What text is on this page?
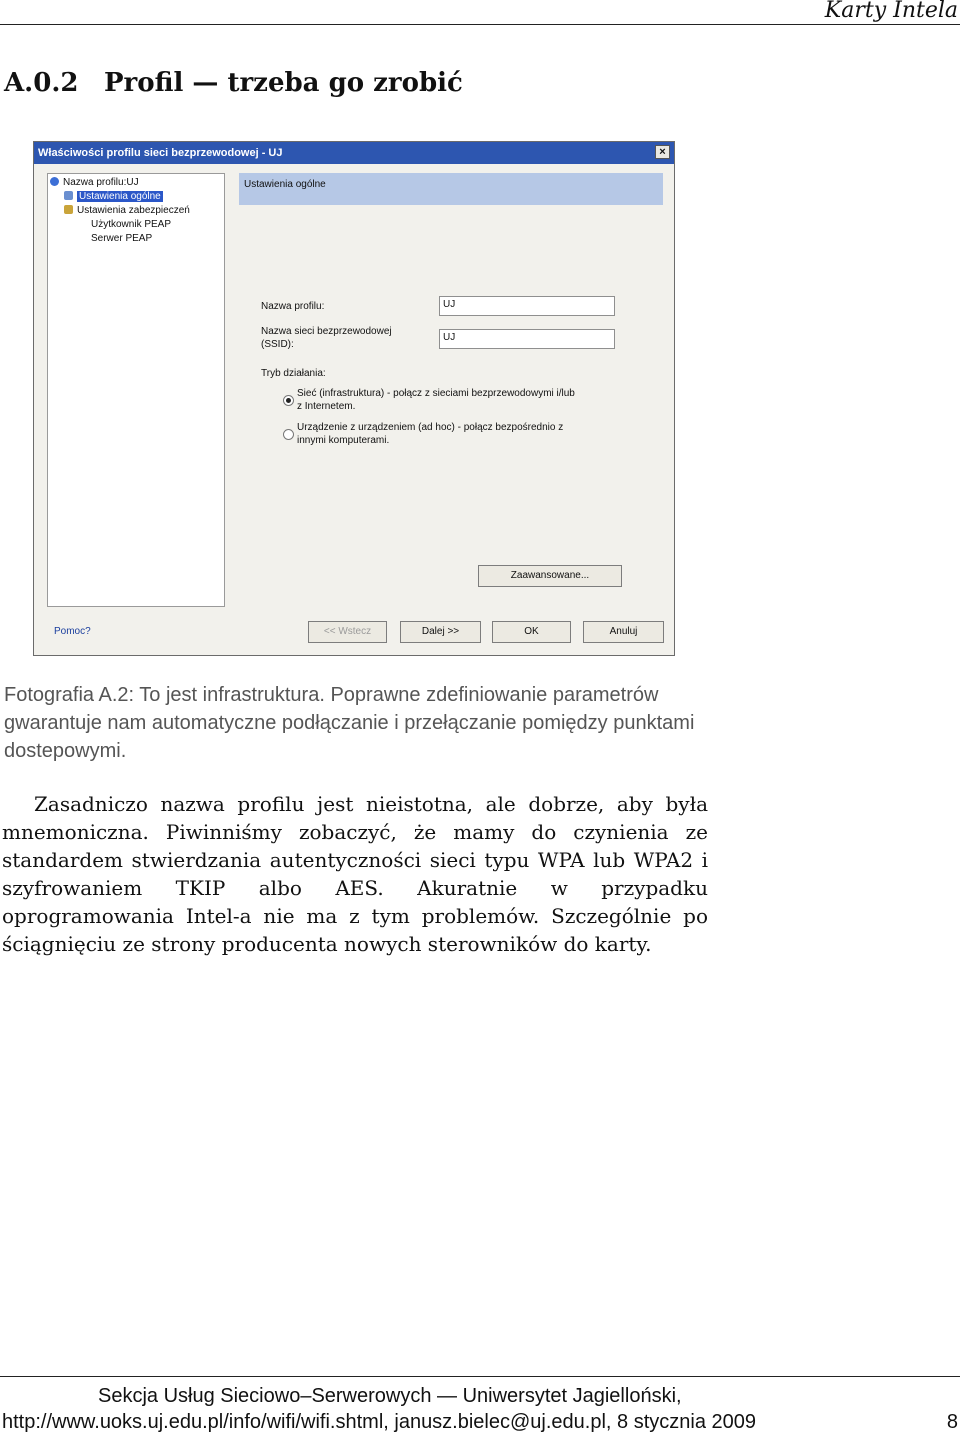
Karty Intela
A.0.2 Profil — trzeba go zrobić
Właściwości profilu sieci bezprzewodowej - UJ	×
Nazwa profilu:UJ
Ustawienia ogólne
Ustawienia zabezpieczeń
Użytkownik PEAP
Serwer PEAP
Ustawienia ogólne
Nazwa profilu:	UJ
Nazwa sieci bezprzewodowej
(SSID):
UJ
Tryb działania:
Sieć (infrastruktura) - połącz z sieciami bezprzewodowymi i/lub
z Internetem.
Urządzenie z urządzeniem (ad hoc) - połącz bezpośrednio z
innymi komputerami.
Zaawansowane...
Pomoc?	<< Wstecz	Dalej >>	OK	Anuluj
Fotografia A.2: To jest infrastruktura. Poprawne zdefiniowanie parametrów gwarantuje nam automatyczne podłączanie i przełączanie pomiędzy punktami dostepowymi.
Zasadniczo nazwa profilu jest nieistotna, ale dobrze, aby była mnemoniczna. Piwinniśmy zobaczyć, że mamy do czynienia ze standardem stwierdzania autentyczności sieci typu WPA lub WPA2 i szyfrowaniem TKIP albo AES. Akuratnie w przypadku oprogramowania Intel-a nie ma z tym problemów. Szczególnie po ściągnięciu ze strony producenta nowych sterowników do karty.
Sekcja Usług Sieciowo–Serwerowych — Uniwersytet Jagielloński,
http://www.uoks.uj.edu.pl/info/wifi/wifi.shtml, janusz.bielec@uj.edu.pl, 8 stycznia 2009	8
